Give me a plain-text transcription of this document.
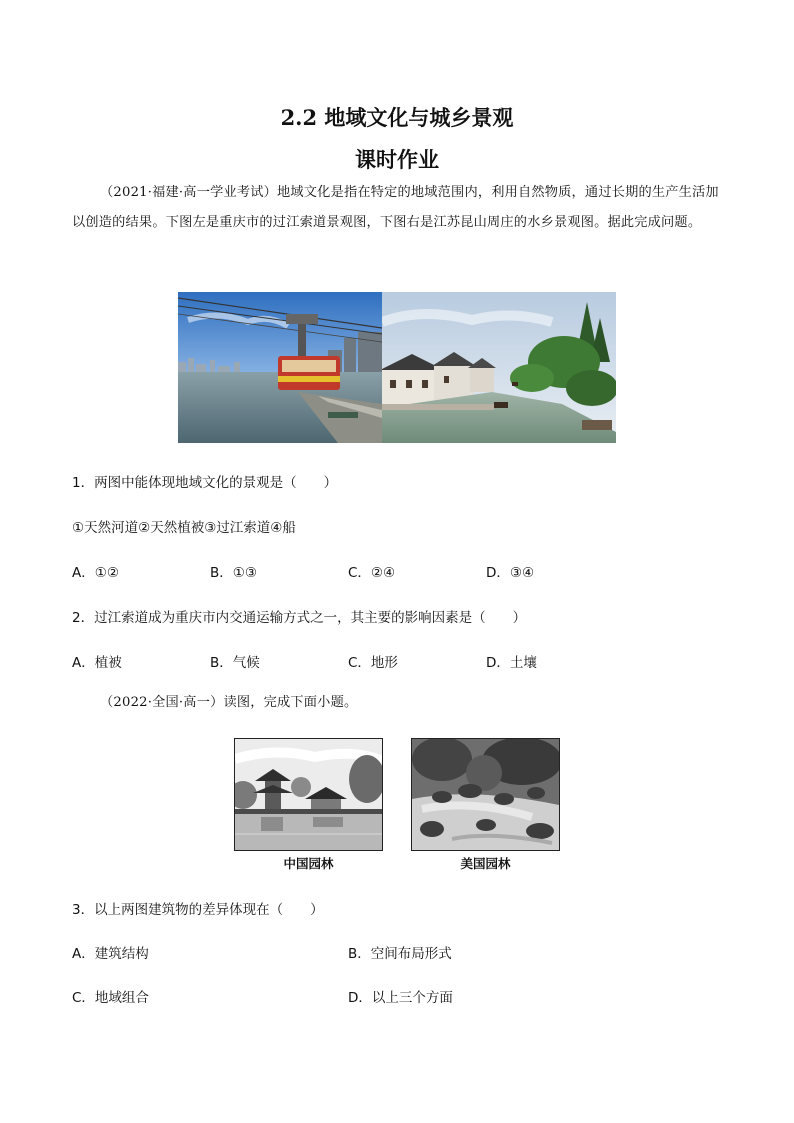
2.2 地域文化与城乡景观
课时作业
（2021·福建·高一学业考试）地域文化是指在特定的地域范围内，利用自然物质，通过长期的生产生活加以创造的结果。下图左是重庆市的过江索道景观图，下图右是江苏昆山周庄的水乡景观图。据此完成问题。
1．两图中能体现地域文化的景观是（　　）
①天然河道②天然植被③过江索道④船
A．①②	B．①③	C．②④	D．③④
2．过江索道成为重庆市内交通运输方式之一，其主要的影响因素是（　　）
A．植被	B．气候	C．地形	D．土壤
（2022·全国·高一）读图，完成下面小题。
中国园林	美国园林
3．以上两图建筑物的差异体现在（　　）
A．建筑结构	B．空间布局形式
C．地域组合	D．以上三个方面
